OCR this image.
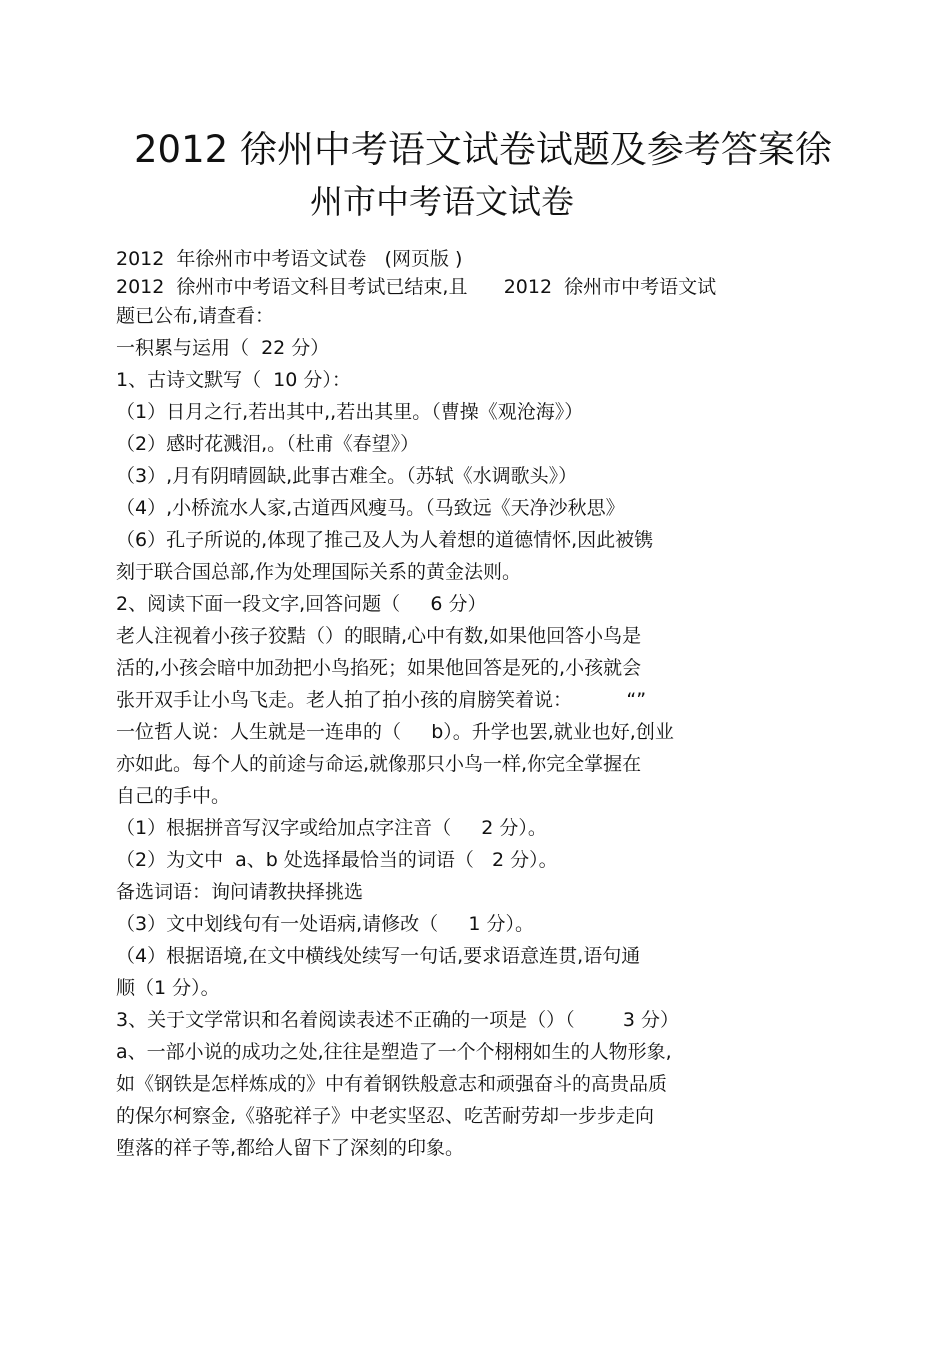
2012 徐州中考语文试卷试题及参考答案徐
州市中考语文试卷
2012  年徐州市中考语文试卷   (网页版 )
2012  徐州市中考语文科目考试已结束,且      2012  徐州市中考语文试
题已公布,请查看：
一积累与运用（  22 分）
1、古诗文默写（  10 分）：
（1）日月之行,若出其中,,若出其里。（曹操《观沧海》）
（2）感时花溅泪,。（杜甫《春望》）
（3）,月有阴晴圆缺,此事古难全。（苏轼《水调歌头》）
（4）,小桥流水人家,古道西风瘦马。（马致远《天净沙秋思》
（6）孔子所说的,体现了推己及人为人着想的道德情怀,因此被镌
刻于联合国总部,作为处理国际关系的黄金法则。
2、阅读下面一段文字,回答问题（     6 分）
老人注视着小孩子狡黠（）的眼睛,心中有数,如果他回答小鸟是
活的,小孩会暗中加劲把小鸟掐死；如果他回答是死的,小孩就会
张开双手让小鸟飞走。老人拍了拍小孩的肩膀笑着说：         “”
一位哲人说：人生就是一连串的（     b）。升学也罢,就业也好,创业
亦如此。每个人的前途与命运,就像那只小鸟一样,你完全掌握在
自己的手中。
（1）根据拼音写汉字或给加点字注音（     2 分）。
（2）为文中  a、b 处选择最恰当的词语（   2 分）。
备选词语：询问请教抉择挑选
（3）文中划线句有一处语病,请修改（     1 分）。
（4）根据语境,在文中横线处续写一句话,要求语意连贯,语句通
顺（1 分）。
3、关于文学常识和名着阅读表述不正确的一项是（）（        3 分）
a、一部小说的成功之处,往往是塑造了一个个栩栩如生的人物形象,
如《钢铁是怎样炼成的》中有着钢铁般意志和顽强奋斗的高贵品质
的保尔柯察金,《骆驼祥子》中老实坚忍、吃苦耐劳却一步步走向
堕落的祥子等,都给人留下了深刻的印象。
